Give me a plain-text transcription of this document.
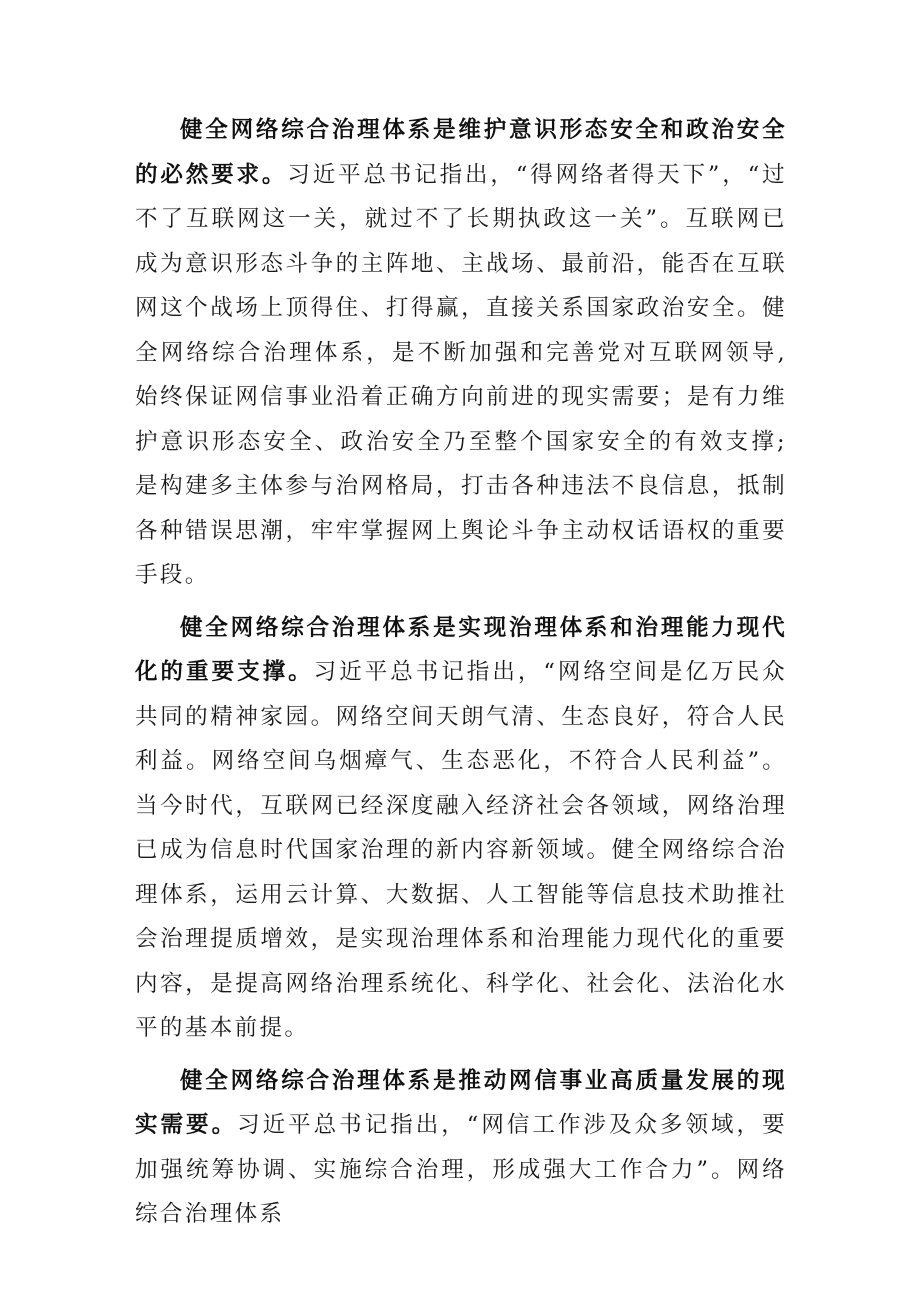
健全网络综合治理体系是维护意识形态安全和政治安全的必然要求。习近平总书记指出，“得网络者得天下”，“过不了互联网这一关，就过不了长期执政这一关”。互联网已成为意识形态斗争的主阵地、主战场、最前沿，能否在互联网这个战场上顶得住、打得赢，直接关系国家政治安全。健全网络综合治理体系，是不断加强和完善党对互联网领导,始终保证网信事业沿着正确方向前进的现实需要；是有力维护意识形态安全、政治安全乃至整个国家安全的有效支撑;是构建多主体参与治网格局，打击各种违法不良信息，抵制各种错误思潮，牢牢掌握网上舆论斗争主动权话语权的重要手段。

健全网络综合治理体系是实现治理体系和治理能力现代化的重要支撑。习近平总书记指出，“网络空间是亿万民众共同的精神家园。网络空间天朗气清、生态良好，符合人民利益。网络空间乌烟瘴气、生态恶化，不符合人民利益”。当今时代，互联网已经深度融入经济社会各领域，网络治理已成为信息时代国家治理的新内容新领域。健全网络综合治理体系，运用云计算、大数据、人工智能等信息技术助推社会治理提质增效，是实现治理体系和治理能力现代化的重要内容，是提高网络治理系统化、科学化、社会化、法治化水平的基本前提。

健全网络综合治理体系是推动网信事业高质量发展的现实需要。习近平总书记指出，“网信工作涉及众多领域，要加强统筹协调、实施综合治理，形成强大工作合力”。网络综合治理体系
